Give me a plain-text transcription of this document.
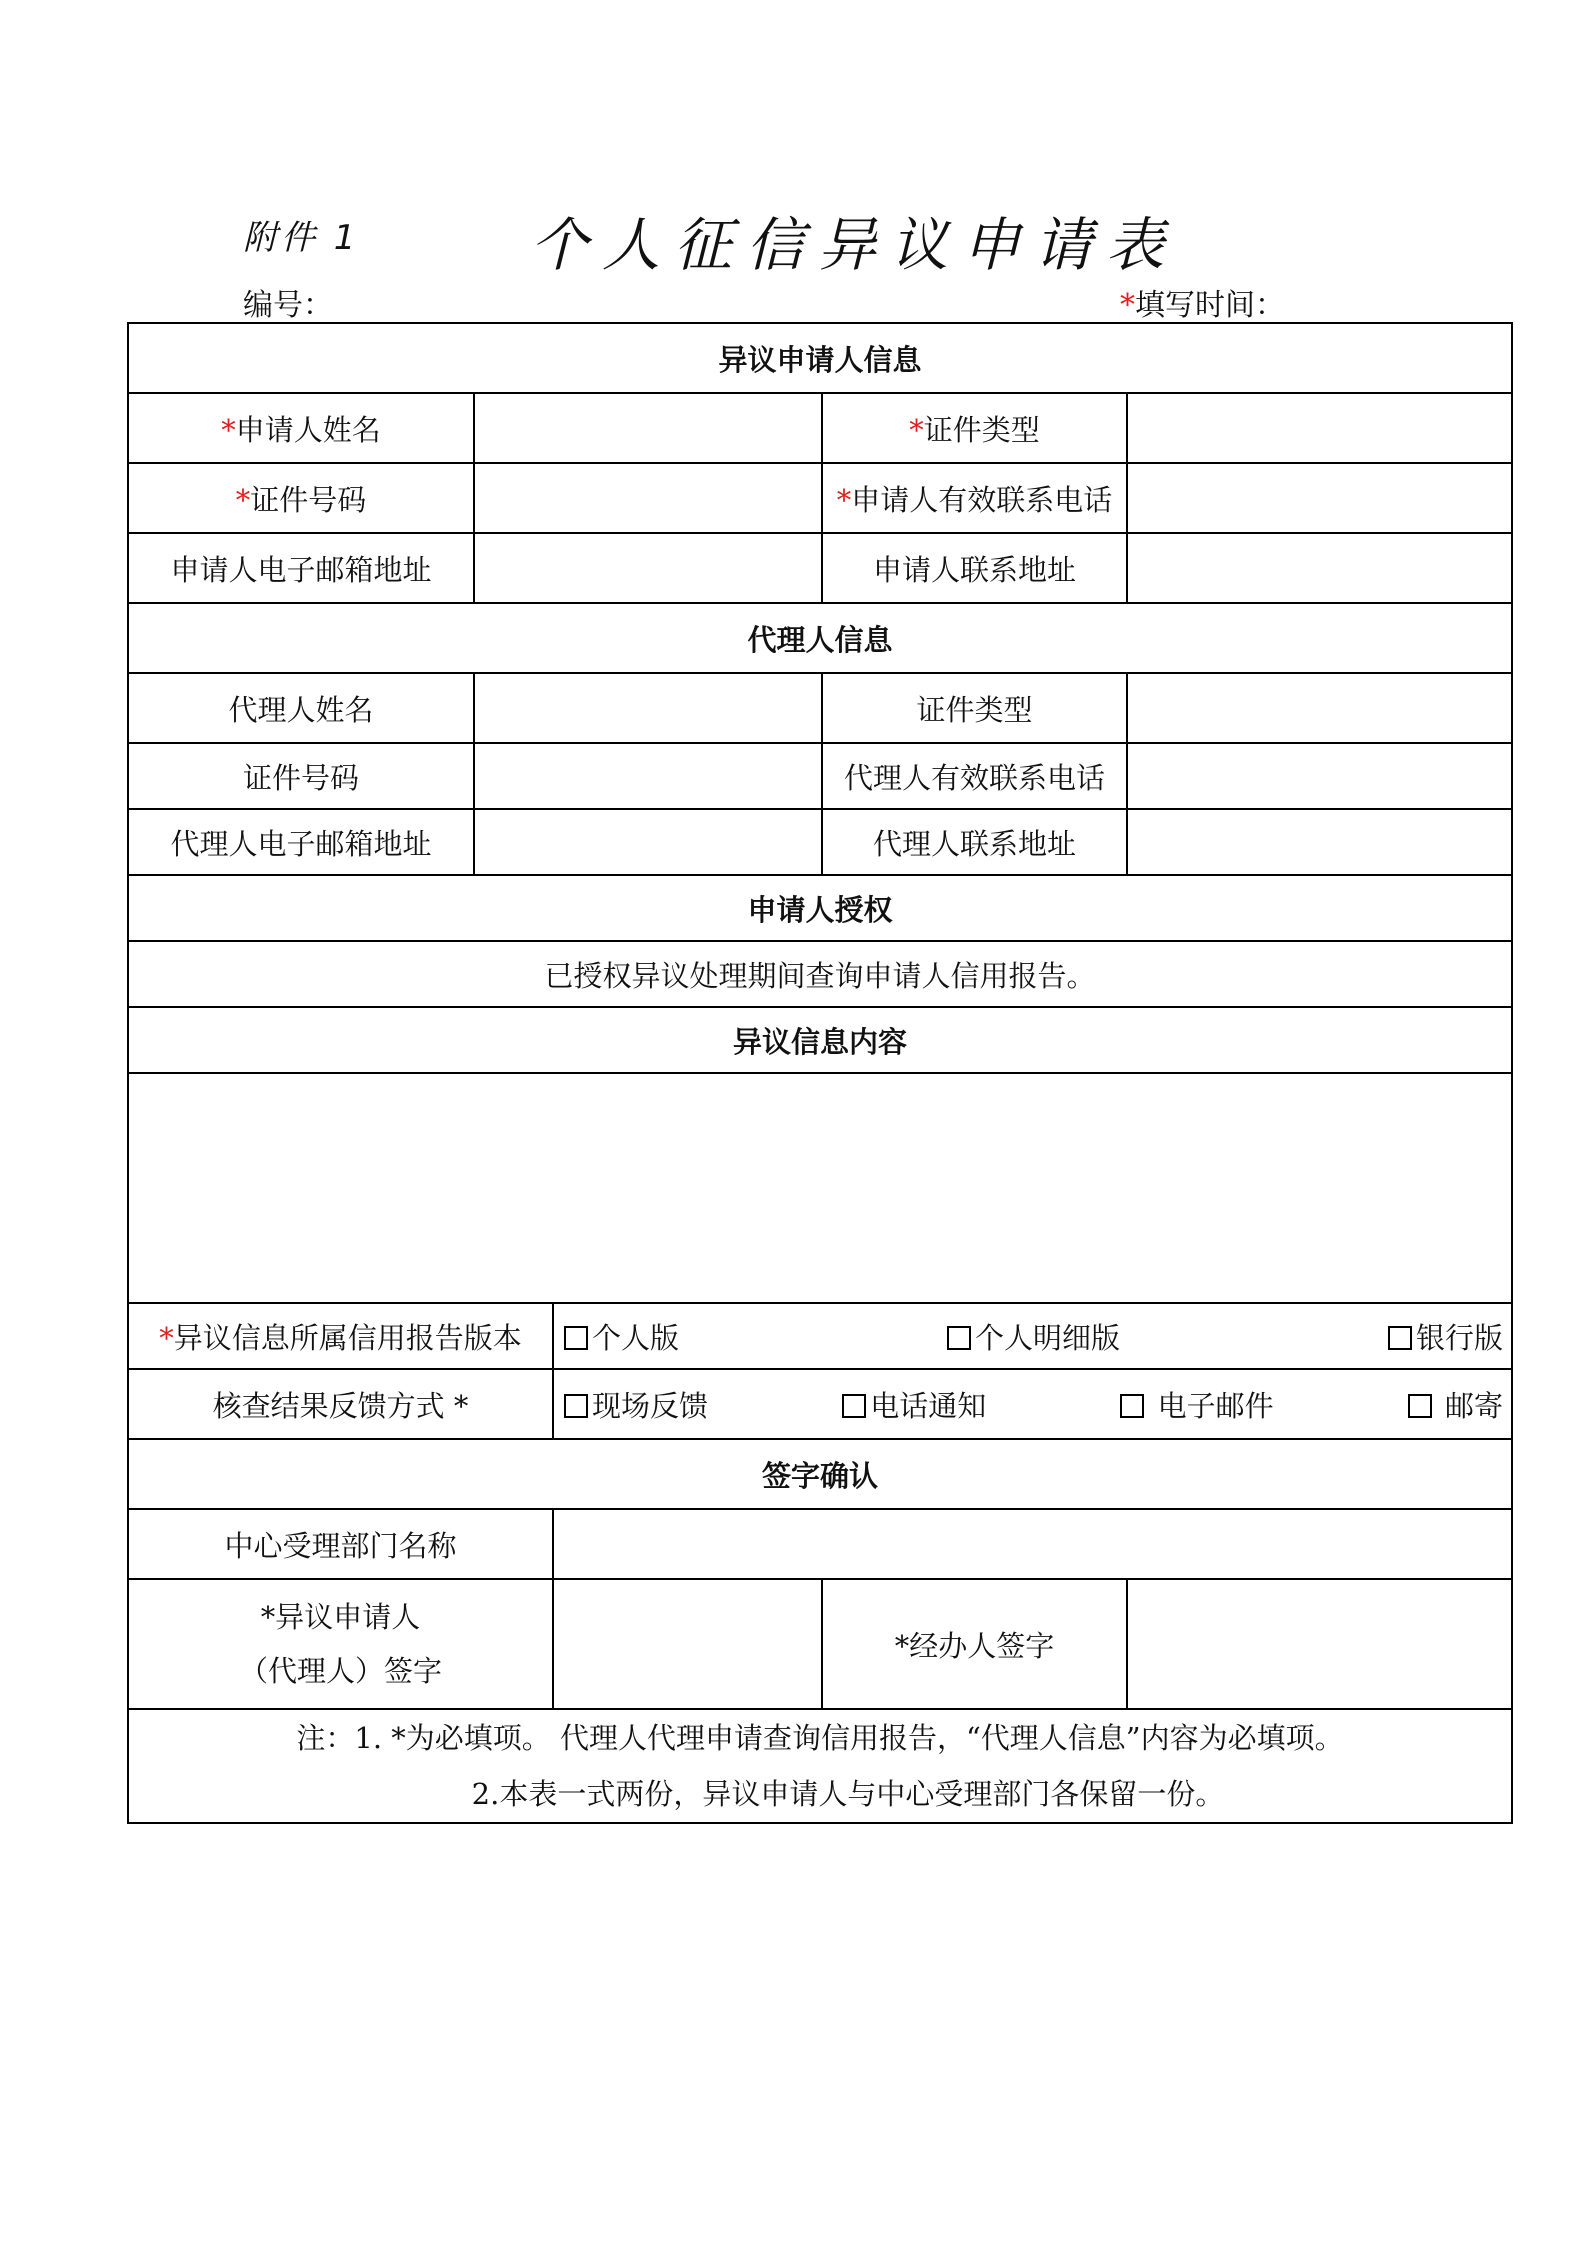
附件 1	个人征信异议申请表
编号：	*填写时间：
异议申请人信息				
*申请人姓名			*证件类型	
*证件号码			*申请人有效联系电话	
申请人电子邮箱地址			申请人联系地址	
代理人信息				
代理人姓名			证件类型	
证件号码			代理人有效联系电话	
代理人电子邮箱地址			代理人联系地址	
申请人授权				
已授权异议处理期间查询申请人信用报告。				
异议信息内容				

*异议信息所属信用报告版本		个人版 个人明细版 银行版		

核查结果反馈方式 *		现场反馈 电话通知 电子邮件 邮寄		

签字确认				
中心受理部门名称				

*异议申请人
（代理人）签字			*经办人签字	

注：1. *为必填项。 代理人代理申请查询信用报告，“代理人信息”内容为必填项。
2.本表一式两份，异议申请人与中心受理部门各保留一份。				
